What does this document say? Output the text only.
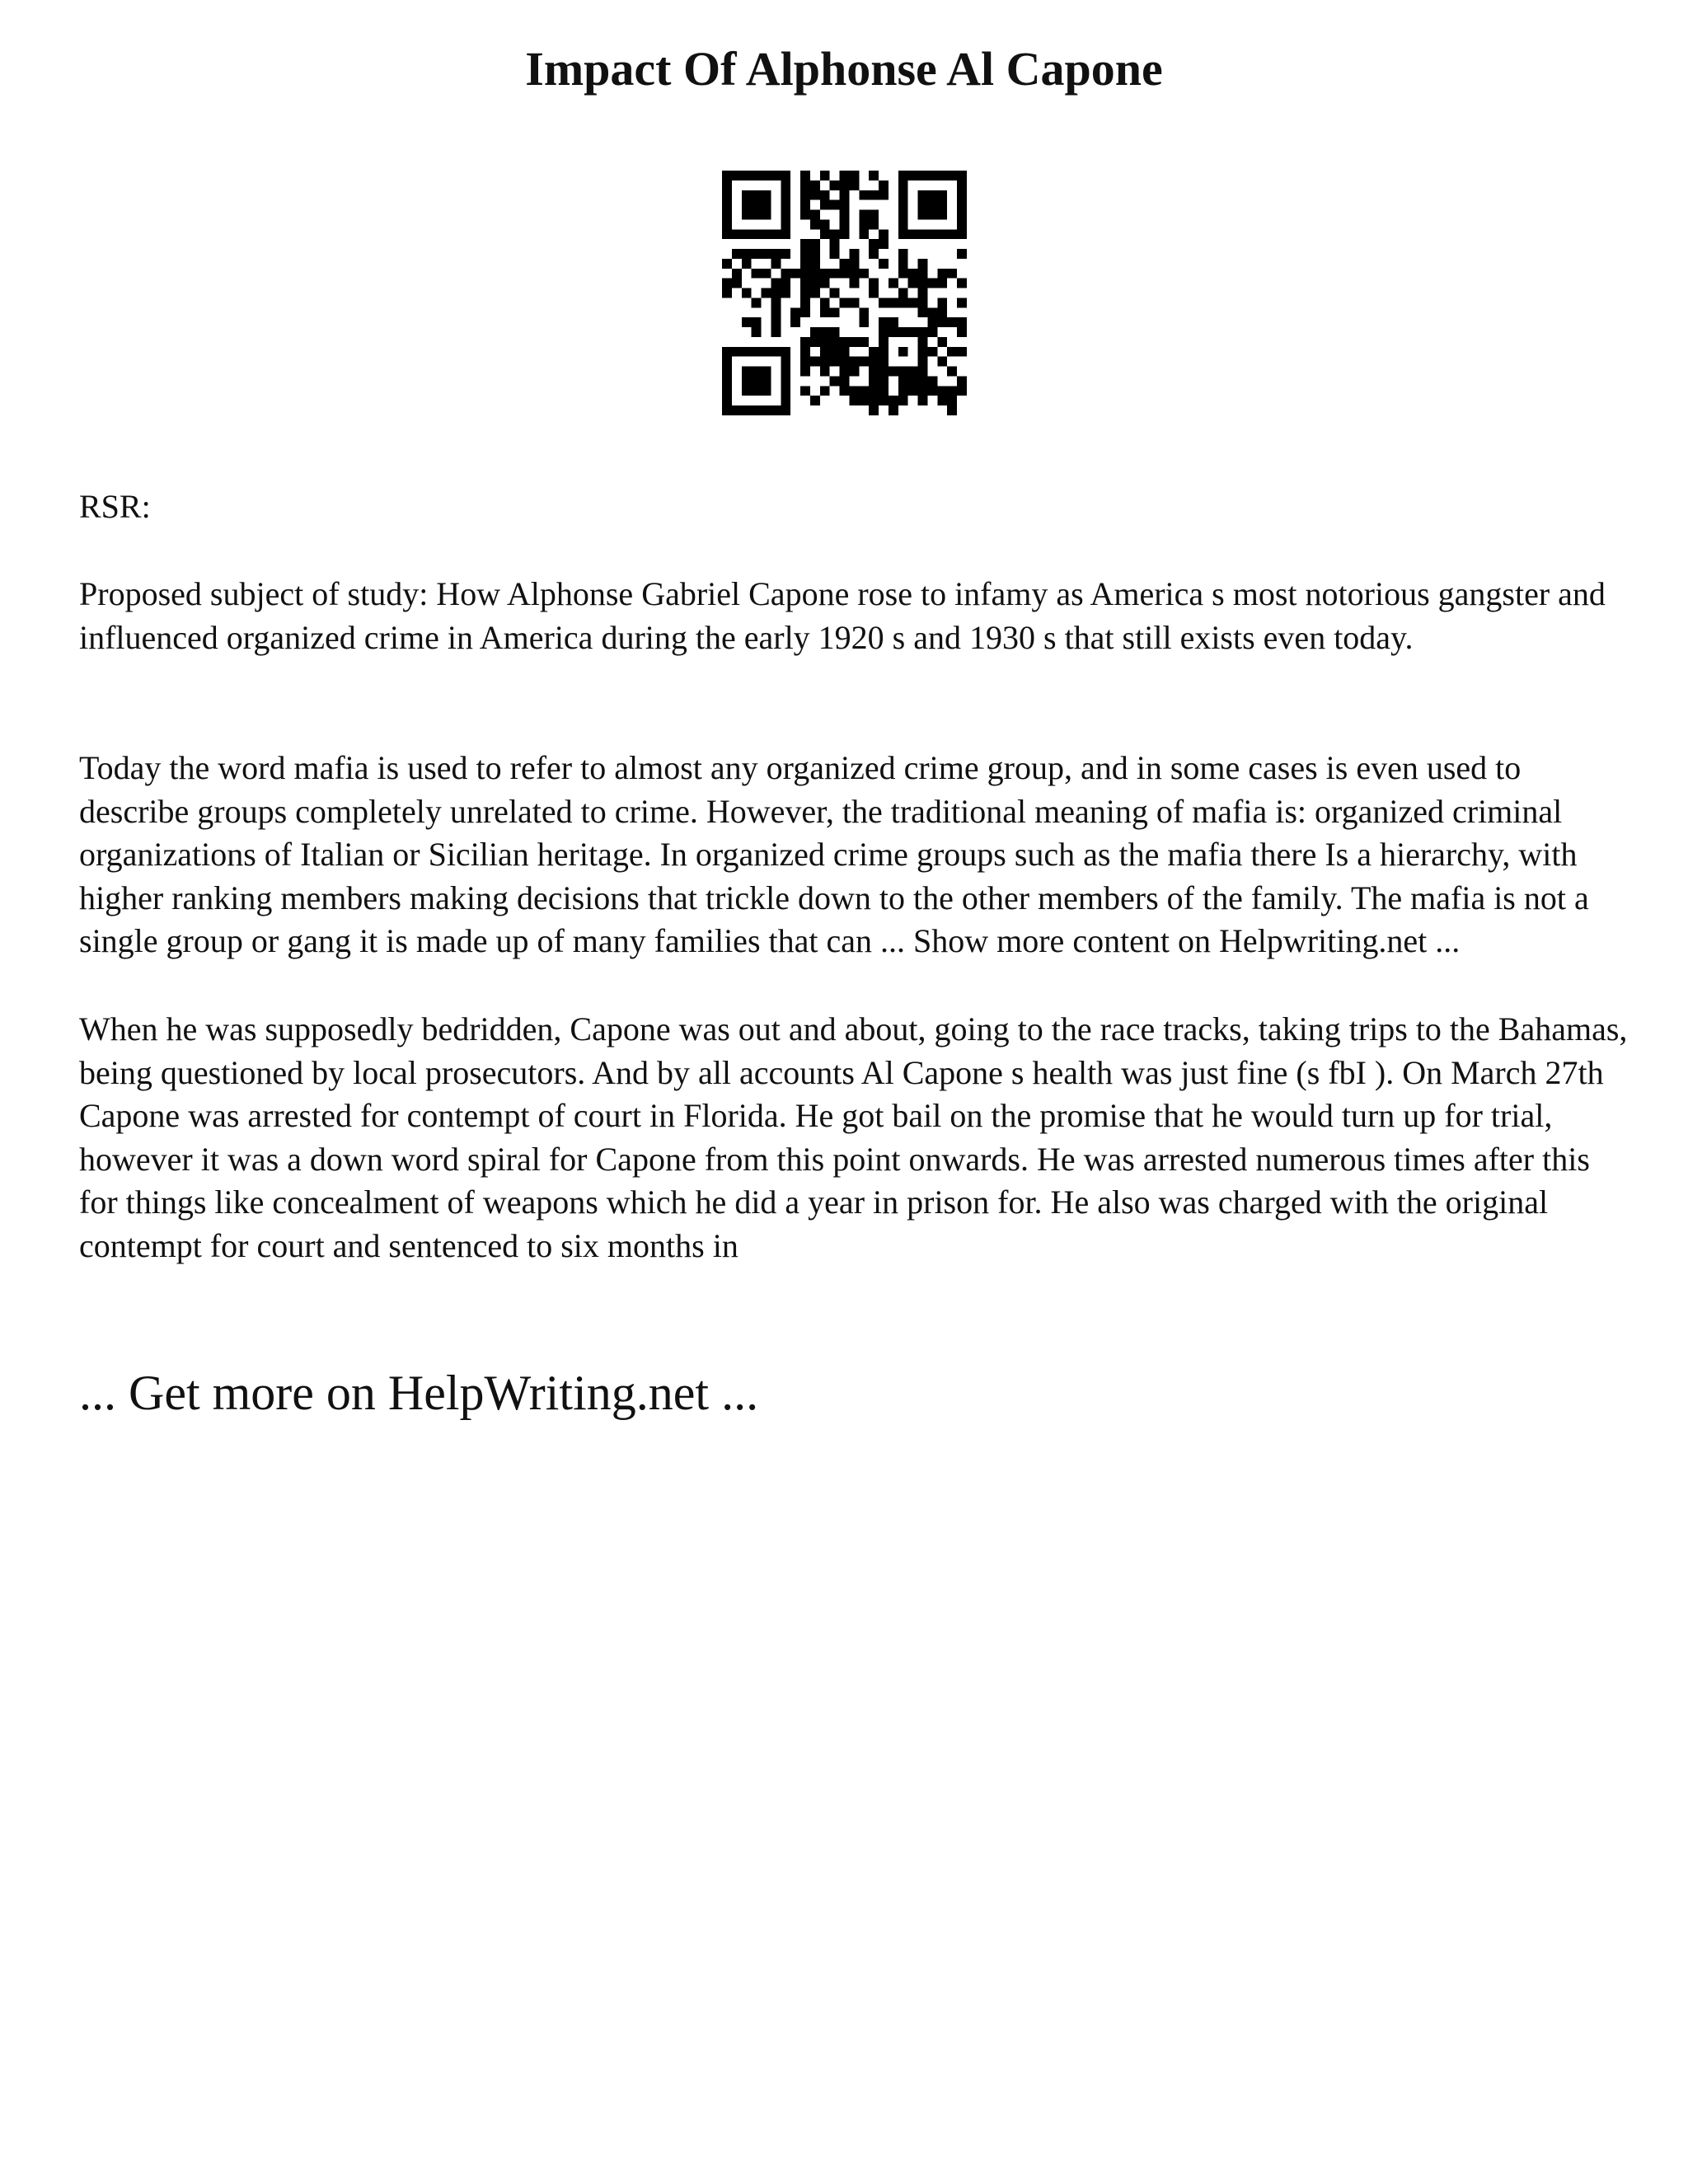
Impact Of Alphonse Al Capone

RSR:

Proposed subject of study: How Alphonse Gabriel Capone rose to infamy as America s most notorious gangster and influenced organized crime in America during the early 1920 s and 1930 s that still exists even today.

Today the word mafia is used to refer to almost any organized crime group, and in some cases is even used to describe groups completely unrelated to crime. However, the traditional meaning of mafia is: organized criminal organizations of Italian or Sicilian heritage. In organized crime groups such as the mafia there Is a hierarchy, with higher ranking members making decisions that trickle down to the other members of the family. The mafia is not a single group or gang it is made up of many families that can ... Show more content on Helpwriting.net ...

When he was supposedly bedridden, Capone was out and about, going to the race tracks, taking trips to the Bahamas, being questioned by local prosecutors. And by all accounts Al Capone s health was just fine (s fbI ). On March 27th Capone was arrested for contempt of court in Florida. He got bail on the promise that he would turn up for trial, however it was a down word spiral for Capone from this point onwards. He was arrested numerous times after this for things like concealment of weapons which he did a year in prison for. He also was charged with the original contempt for court and sentenced to six months in

... Get more on HelpWriting.net ...
